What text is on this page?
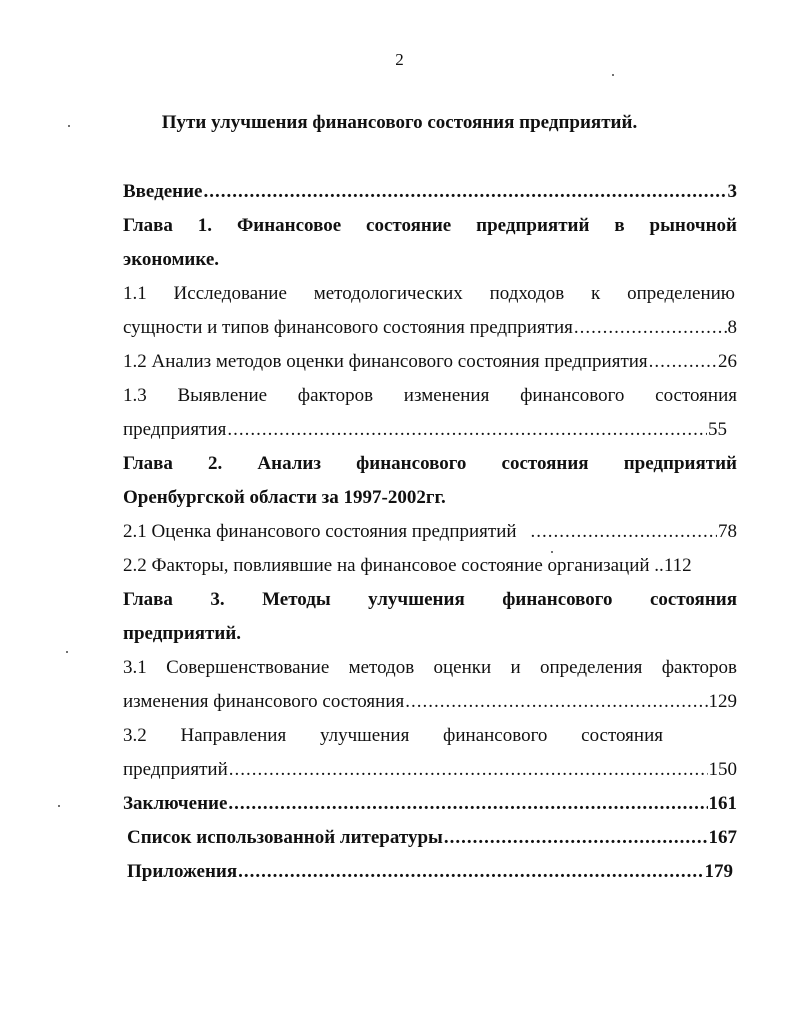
2
Пути улучшения финансового состояния предприятий.
Введение .....	3
Глава 1. Финансовое состояние предприятий в рыночной
экономике.
1.1 Исследование методологических подходов к определению
сущности и типов финансового состояния предприятия .....	8
1.2 Анализ методов оценки финансового состояния предприятия .....	26
1.3 Выявление факторов изменения финансового состояния
предприятия .....	55
Глава 2. Анализ финансового состояния предприятий
Оренбургской области за 1997-2002гг.
2.1 Оценка финансового состояния предприятий .....	78
2.2 Факторы, повлиявшие на финансовое состояние организаций .. 112
Глава 3. Методы улучшения финансового состояния
предприятий.
3.1 Совершенствование методов оценки и определения факторов
изменения финансового состояния .....	129
3.2 Направления улучшения финансового состояния
предприятий .....	150
Заключение .....	161
Список использованной литературы .....	167
Приложения .....	179
